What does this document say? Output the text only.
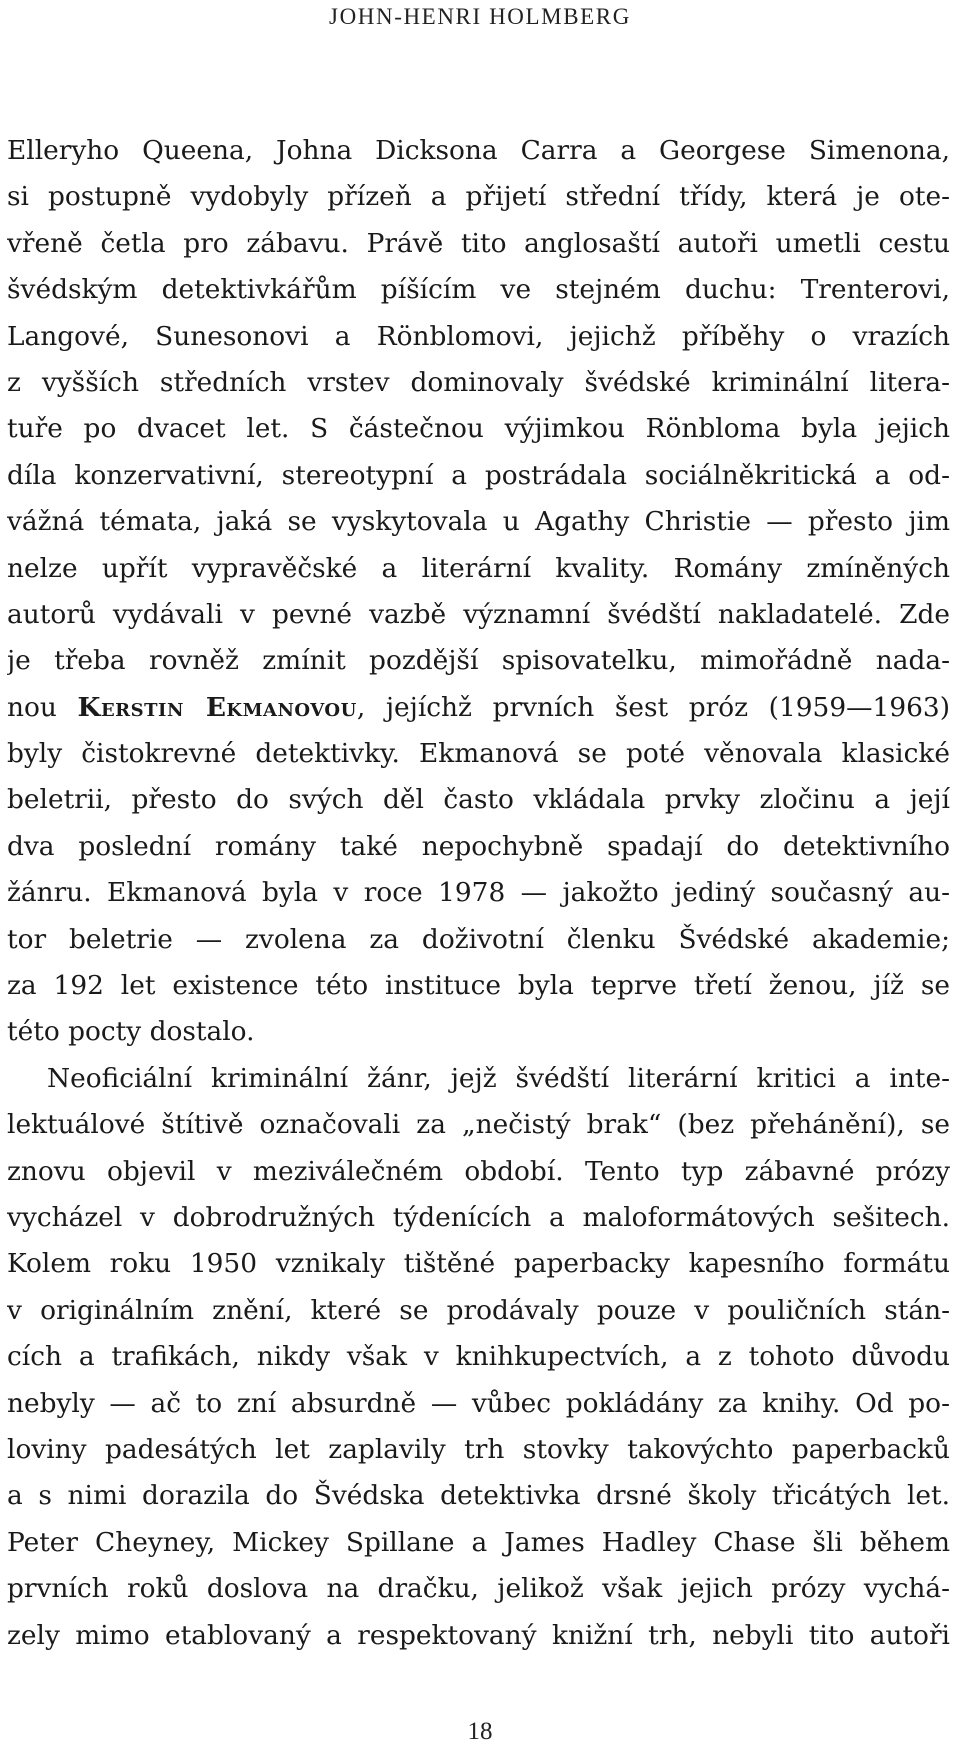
JOHN-HENRI HOLMBERG
Elleryho Queena, Johna Dicksona Carra a Georgese Simenona,
si postupně vydobyly přízeň a přijetí střední třídy, která je ote-
vřeně četla pro zábavu. Právě tito anglosaští autoři umetli cestu
švédským detektivkářům píšícím ve stejném duchu: Trenterovi,
Langové, Sunesonovi a Rönblomovi, jejichž příběhy o vrazích
z vyšších středních vrstev dominovaly švédské kriminální litera-
tuře po dvacet let. S částečnou výjimkou Rönbloma byla jejich
díla konzervativní, stereotypní a postrádala sociálněkritická a od-
vážná témata, jaká se vyskytovala u Agathy Christie — přesto jim
nelze upřít vypravěčské a literární kvality. Romány zmíněných
autorů vydávali v pevné vazbě významní švédští nakladatelé. Zde
je třeba rovněž zmínit pozdější spisovatelku, mimořádně nada-
nou Kerstin Ekmanovou, jejíchž prvních šest próz (1959—1963)
byly čistokrevné detektivky. Ekmanová se poté věnovala klasické
beletrii, přesto do svých děl často vkládala prvky zločinu a její
dva poslední romány také nepochybně spadají do detektivního
žánru. Ekmanová byla v roce 1978 — jakožto jediný současný au-
tor beletrie — zvolena za doživotní členku Švédské akademie;
za 192 let existence této instituce byla teprve třetí ženou, jíž se
této pocty dostalo.
Neoficiální kriminální žánr, jejž švédští literární kritici a inte-
lektuálové štítivě označovali za „nečistý brak“ (bez přehánění), se
znovu objevil v meziválečném období. Tento typ zábavné prózy
vycházel v dobrodružných týdenících a maloformátových sešitech.
Kolem roku 1950 vznikaly tištěné paperbacky kapesního formátu
v originálním znění, které se prodávaly pouze v pouličních stán-
cích a trafikách, nikdy však v knihkupectvích, a z tohoto důvodu
nebyly — ač to zní absurdně — vůbec pokládány za knihy. Od po-
loviny padesátých let zaplavily trh stovky takovýchto paperbacků
a s nimi dorazila do Švédska detektivka drsné školy třicátých let.
Peter Cheyney, Mickey Spillane a James Hadley Chase šli během
prvních roků doslova na dračku, jelikož však jejich prózy vychá-
zely mimo etablovaný a respektovaný knižní trh, nebyli tito autoři
18
